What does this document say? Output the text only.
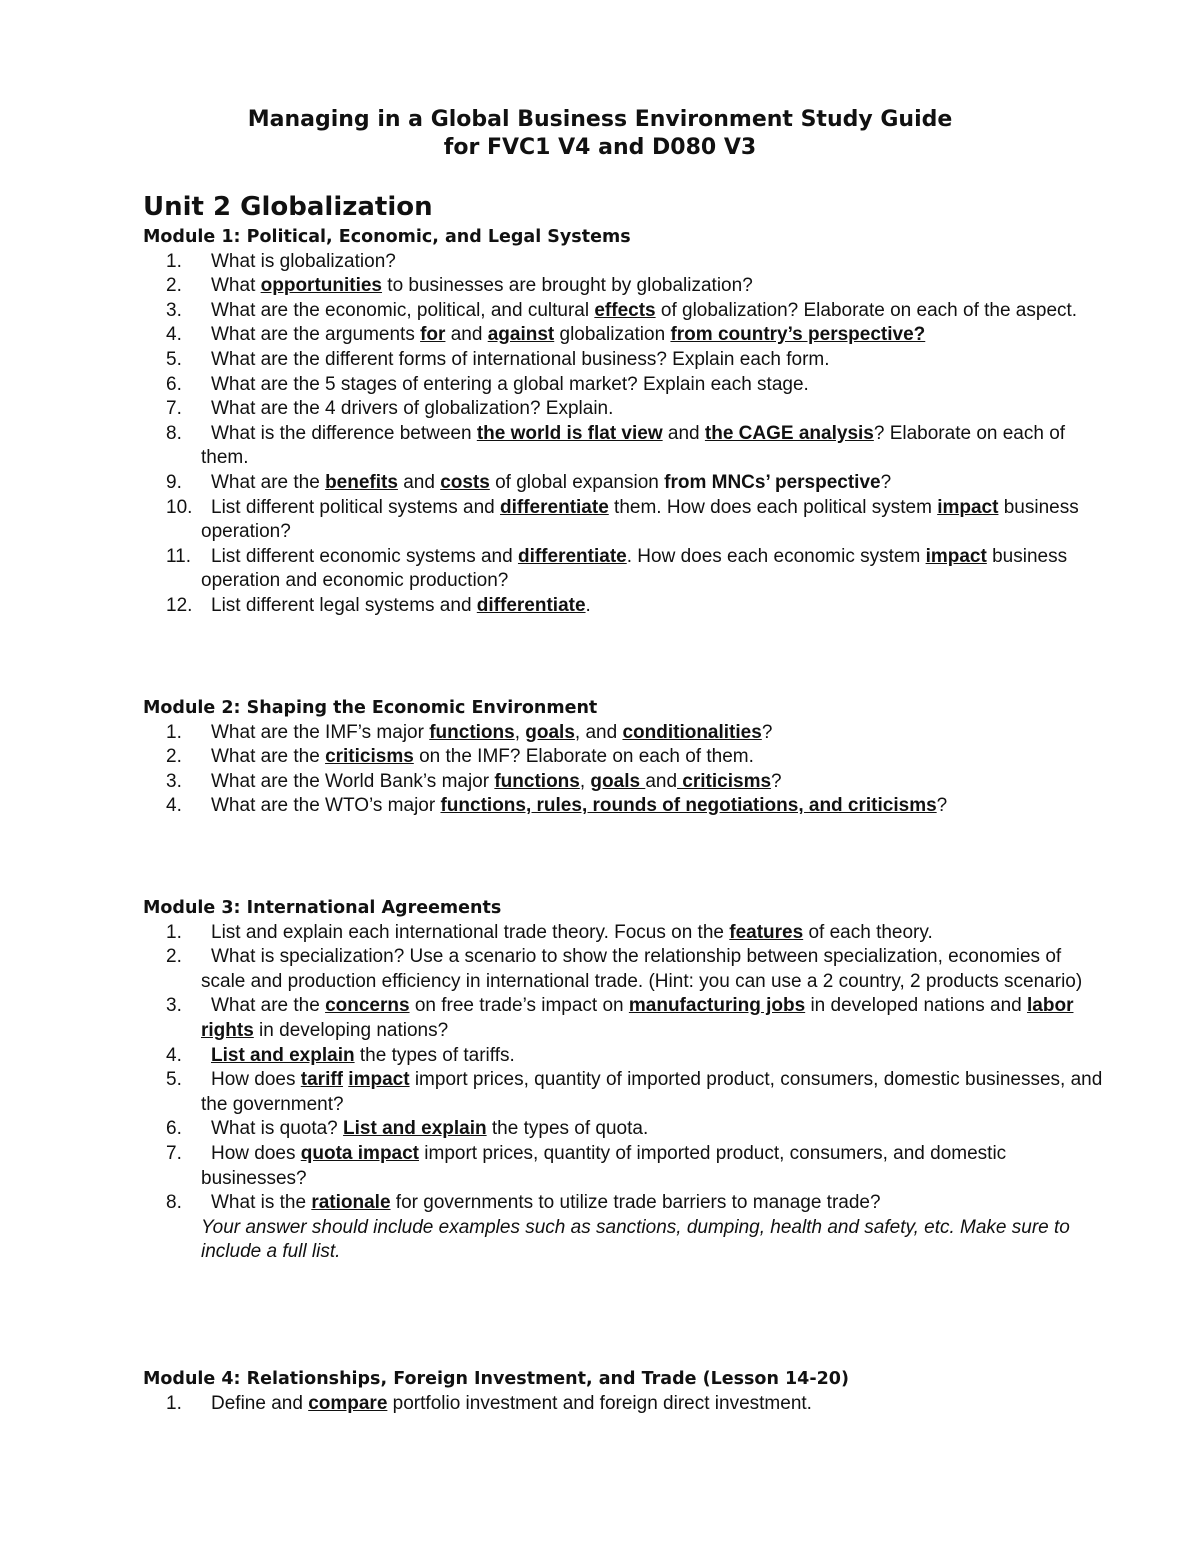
Managing in a Global Business Environment Study Guide
for FVC1 V4 and D080 V3
Unit 2 Globalization
Module 1: Political, Economic, and Legal Systems
1. What is globalization?
2. What opportunities to businesses are brought by globalization?
3. What are the economic, political, and cultural effects of globalization? Elaborate on each of the aspect.
4. What are the arguments for and against globalization from country’s perspective?
5. What are the different forms of international business? Explain each form.
6. What are the 5 stages of entering a global market? Explain each stage.
7. What are the 4 drivers of globalization? Explain.
8. What is the difference between the world is flat view and the CAGE analysis? Elaborate on each of them.
9. What are the benefits and costs of global expansion from MNCs’ perspective?
10. List different political systems and differentiate them. How does each political system impact business operation?
11. List different economic systems and differentiate. How does each economic system impact business operation and economic production?
12. List different legal systems and differentiate.
Module 2: Shaping the Economic Environment
1. What are the IMF’s major functions, goals, and conditionalities?
2. What are the criticisms on the IMF? Elaborate on each of them.
3. What are the World Bank’s major functions, goals and criticisms?
4. What are the WTO’s major functions, rules, rounds of negotiations, and criticisms?
Module 3: International Agreements
1. List and explain each international trade theory. Focus on the features of each theory.
2. What is specialization? Use a scenario to show the relationship between specialization, economies of scale and production efficiency in international trade. (Hint: you can use a 2 country, 2 products scenario)
3. What are the concerns on free trade’s impact on manufacturing jobs in developed nations and labor rights in developing nations?
4. List and explain the types of tariffs.
5. How does tariff impact import prices, quantity of imported product, consumers, domestic businesses, and the government?
6. What is quota? List and explain the types of quota.
7. How does quota impact import prices, quantity of imported product, consumers, and domestic businesses?
8. What is the rationale for governments to utilize trade barriers to manage trade?
Your answer should include examples such as sanctions, dumping, health and safety, etc. Make sure to include a full list.
Module 4: Relationships, Foreign Investment, and Trade (Lesson 14-20)
1. Define and compare portfolio investment and foreign direct investment.
